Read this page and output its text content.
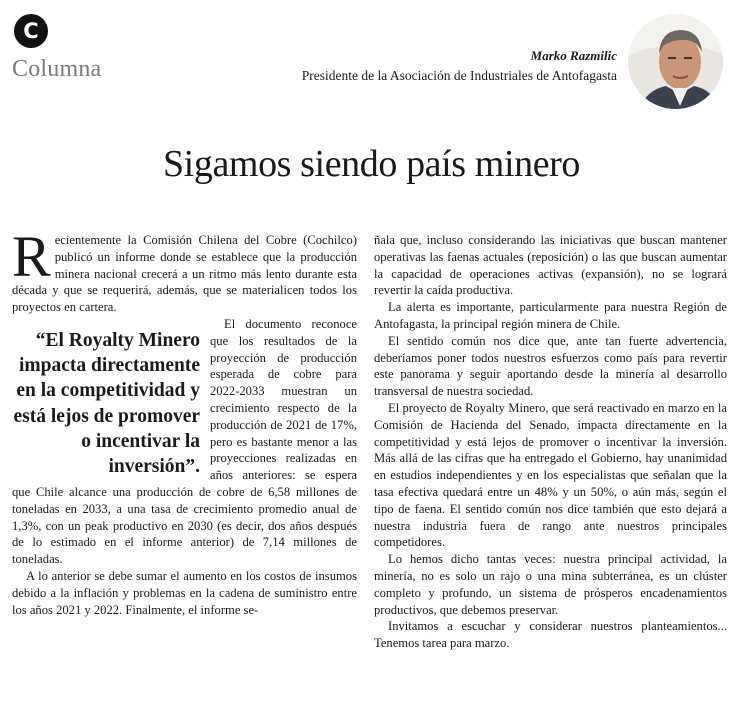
C
Columna
Marko Razmilic
Presidente de la Asociación de Industriales de Antofagasta
Sigamos siendo país minero

Recientemente la Comisión Chilena del Cobre (Cochilco) publicó un informe donde se establece que la producción minera nacional crecerá a un ritmo más lento durante esta década y que se requerirá, además, que se materialicen todos los proyectos en cartera.

“El Royalty Minero impacta directamente en la competitividad y está lejos de promover o incentivar la inversión”.
El documento reconoce que los resultados de la proyección de producción esperada de cobre para 2022-2033 muestran un crecimiento respecto de la producción de 2021 de 17%, pero es bastante menor a las proyecciones realizadas en años anteriores: se espera que Chile alcance una producción de cobre de 6,58 millones de toneladas en 2033, a una tasa de crecimiento promedio anual de 1,3%, con un peak productivo en 2030 (es decir, dos años después de lo estimado en el informe anterior) de 7,14 millones de toneladas.

A lo anterior se debe sumar el aumento en los costos de insumos debido a la inflación y problemas en la cadena de suministro entre los años 2021 y 2022. Finalmente, el informe se-

ñala que, incluso considerando las iniciativas que buscan mantener operativas las faenas actuales (reposición) o las que buscan aumentar la capacidad de operaciones activas (expansión), no se logrará revertir la caída productiva.

La alerta es importante, particularmente para nuestra Región de Antofagasta, la principal región minera de Chile.

El sentido común nos dice que, ante tan fuerte advertencia, deberíamos poner todos nuestros esfuerzos como país para revertir este panorama y seguir aportando desde la minería al desarrollo transversal de nuestra sociedad.

El proyecto de Royalty Minero, que será reactivado en marzo en la Comisión de Hacienda del Senado, impacta directamente en la competitividad y está lejos de promover o incentivar la inversión. Más allá de las cifras que ha entregado el Gobierno, hay unanimidad en estudios independientes y en los especialistas que señalan que la tasa efectiva quedará entre un 48% y un 50%, o aún más, según el tipo de faena. El sentido común nos dice también que esto dejará a nuestra industria fuera de rango ante nuestros principales competidores.

Lo hemos dicho tantas veces: nuestra principal actividad, la minería, no es solo un rajo o una mina subterránea, es un clúster completo y profundo, un sistema de prósperos encadenamientos productivos, que debemos preservar.

Invitamos a escuchar y considerar nuestros planteamientos... Tenemos tarea para marzo.
